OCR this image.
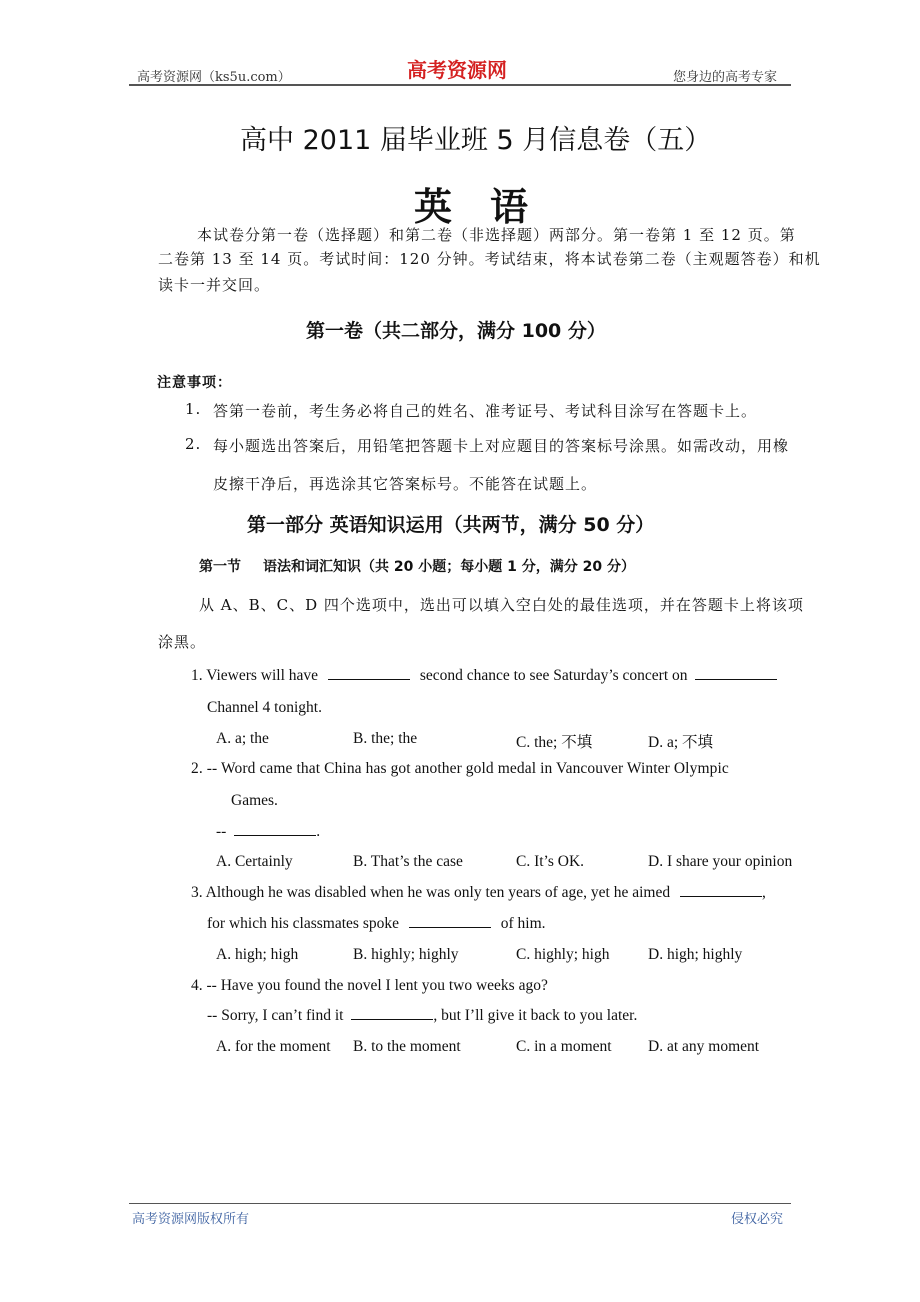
高考资源网（ks5u.com）	高考资源网	您身边的高考专家
高中 2011 届毕业班 5 月信息卷（五）
英　语
本试卷分第一卷（选择题）和第二卷（非选择题）两部分。第一卷第 1 至 12 页。第
二卷第 13 至 14 页。考试时间：120 分钟。考试结束，将本试卷第二卷（主观题答卷）和机
读卡一并交回。
第一卷（共二部分，满分 100 分）
注意事项：
1. 答第一卷前，考生务必将自己的姓名、准考证号、考试科目涂写在答题卡上。
2. 每小题选出答案后，用铅笔把答题卡上对应题目的答案标号涂黑。如需改动，用橡
皮擦干净后，再选涂其它答案标号。不能答在试题上。
第一部分 英语知识运用（共两节，满分 50 分）
第一节 语法和词汇知识（共 20 小题；每小题 1 分，满分 20 分）
从 A、B、C、D 四个选项中，选出可以填入空白处的最佳选项，并在答题卡上将该项
涂黑。
1. Viewers will have	second chance to see Saturday’s concert on
Channel 4 tonight.
A. a; the	B. the; the	C. the; 不填	D. a; 不填
2. -- Word came that China has got another gold medal in Vancouver Winter Olympic
Games.
--	.
A. Certainly	B. That’s the case	C. It’s OK.	D. I share your opinion
3. Although he was disabled when he was only ten years of age, yet he aimed	,
for which his classmates spoke	of him.
A. high; high	B. highly; highly	C. highly; high D. high; highly
4. -- Have you found the novel I lent you two weeks ago?
-- Sorry, I can’t find it	, but I’ll give it back to you later.
A. for the moment B. to the moment	C. in a moment D. at any moment
高考资源网版权所有	侵权必究
